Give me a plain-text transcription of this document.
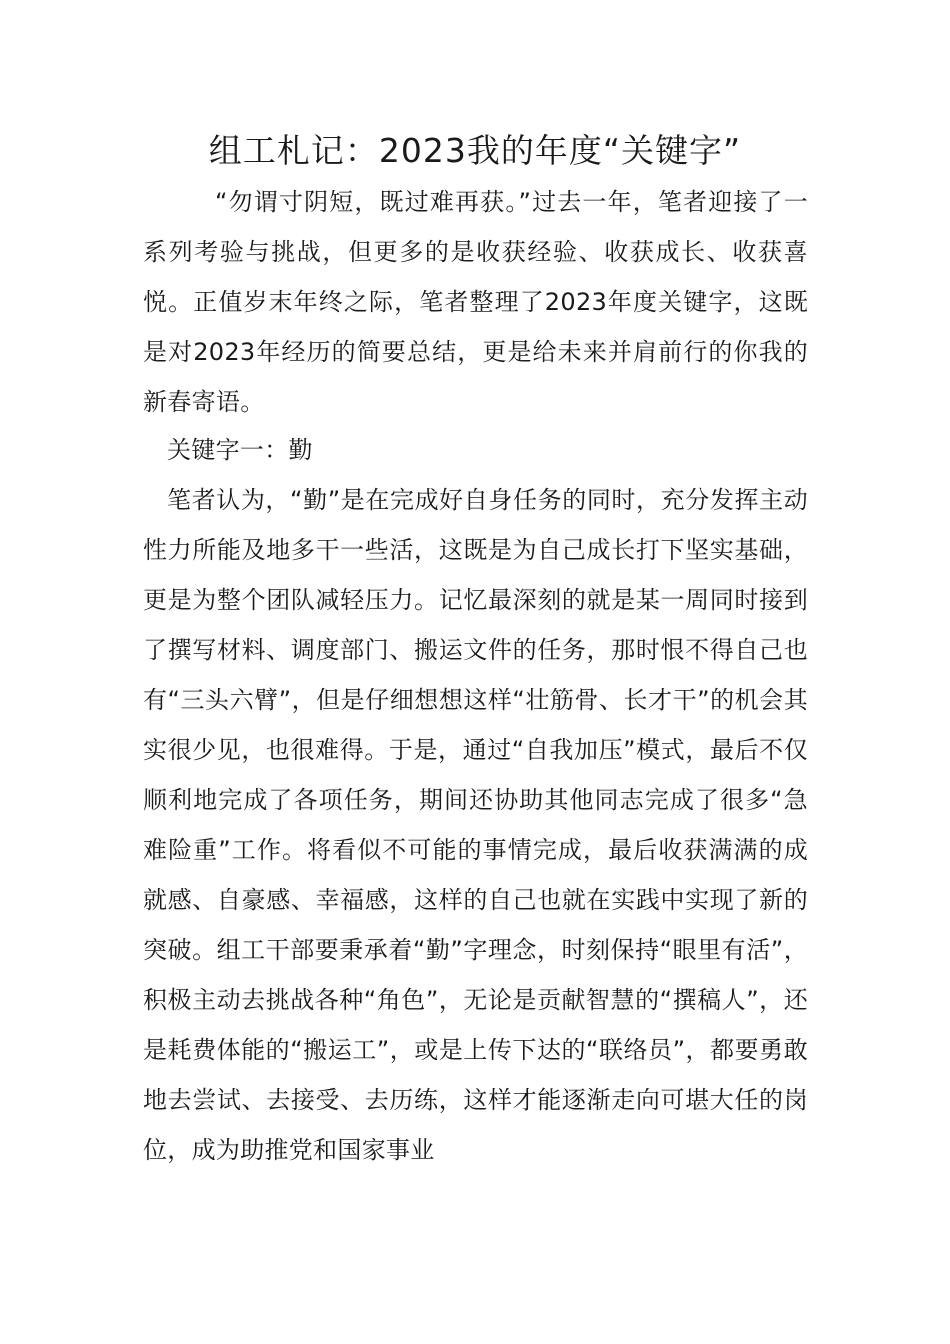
组工札记：2023我的年度“关键字”

“勿谓寸阴短，既过难再获。”过去一年，笔者迎接了一系列考验与挑战，但更多的是收获经验、收获成长、收获喜悦。正值岁末年终之际，笔者整理了2023年度关键字，这既是对2023年经历的简要总结，更是给未来并肩前行的你我的新春寄语。

关键字一：勤

笔者认为，“勤”是在完成好自身任务的同时，充分发挥主动性力所能及地多干一些活，这既是为自己成长打下坚实基础，更是为整个团队减轻压力。记忆最深刻的就是某一周同时接到了撰写材料、调度部门、搬运文件的任务，那时恨不得自己也有“三头六臂”，但是仔细想想这样“壮筋骨、长才干”的机会其实很少见，也很难得。于是，通过“自我加压”模式，最后不仅顺利地完成了各项任务，期间还协助其他同志完成了很多“急难险重”工作。将看似不可能的事情完成，最后收获满满的成就感、自豪感、幸福感，这样的自己也就在实践中实现了新的突破。组工干部要秉承着“勤”字理念，时刻保持“眼里有活”，积极主动去挑战各种“角色”，无论是贡献智慧的“撰稿人”，还是耗费体能的“搬运工”，或是上传下达的“联络员”，都要勇敢地去尝试、去接受、去历练，这样才能逐渐走向可堪大任的岗位，成为助推党和国家事业
